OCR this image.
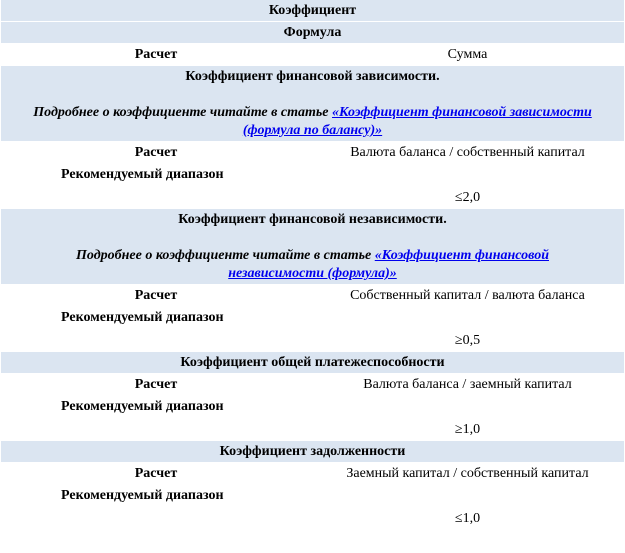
Коэффициент
Формула
Расчет	Сумма
Коэффициент финансовой зависимости.
Подробнее о коэффициенте читайте в статье «Коэффициент финансовой зависимости (формула по балансу)»
Расчет	Валюта баланса / собственный капитал
Рекомендуемый диапазон
≤2,0
Коэффициент финансовой независимости.
Подробнее о коэффициенте читайте в статье «Коэффициент финансовой независимости (формула)»
Расчет	Собственный капитал / валюта баланса
Рекомендуемый диапазон
≥0,5
Коэффициент общей платежеспособности
Расчет	Валюта баланса / заемный капитал
Рекомендуемый диапазон
≥1,0
Коэффициент задолженности
Расчет	Заемный капитал / собственный капитал
Рекомендуемый диапазон
≤1,0
